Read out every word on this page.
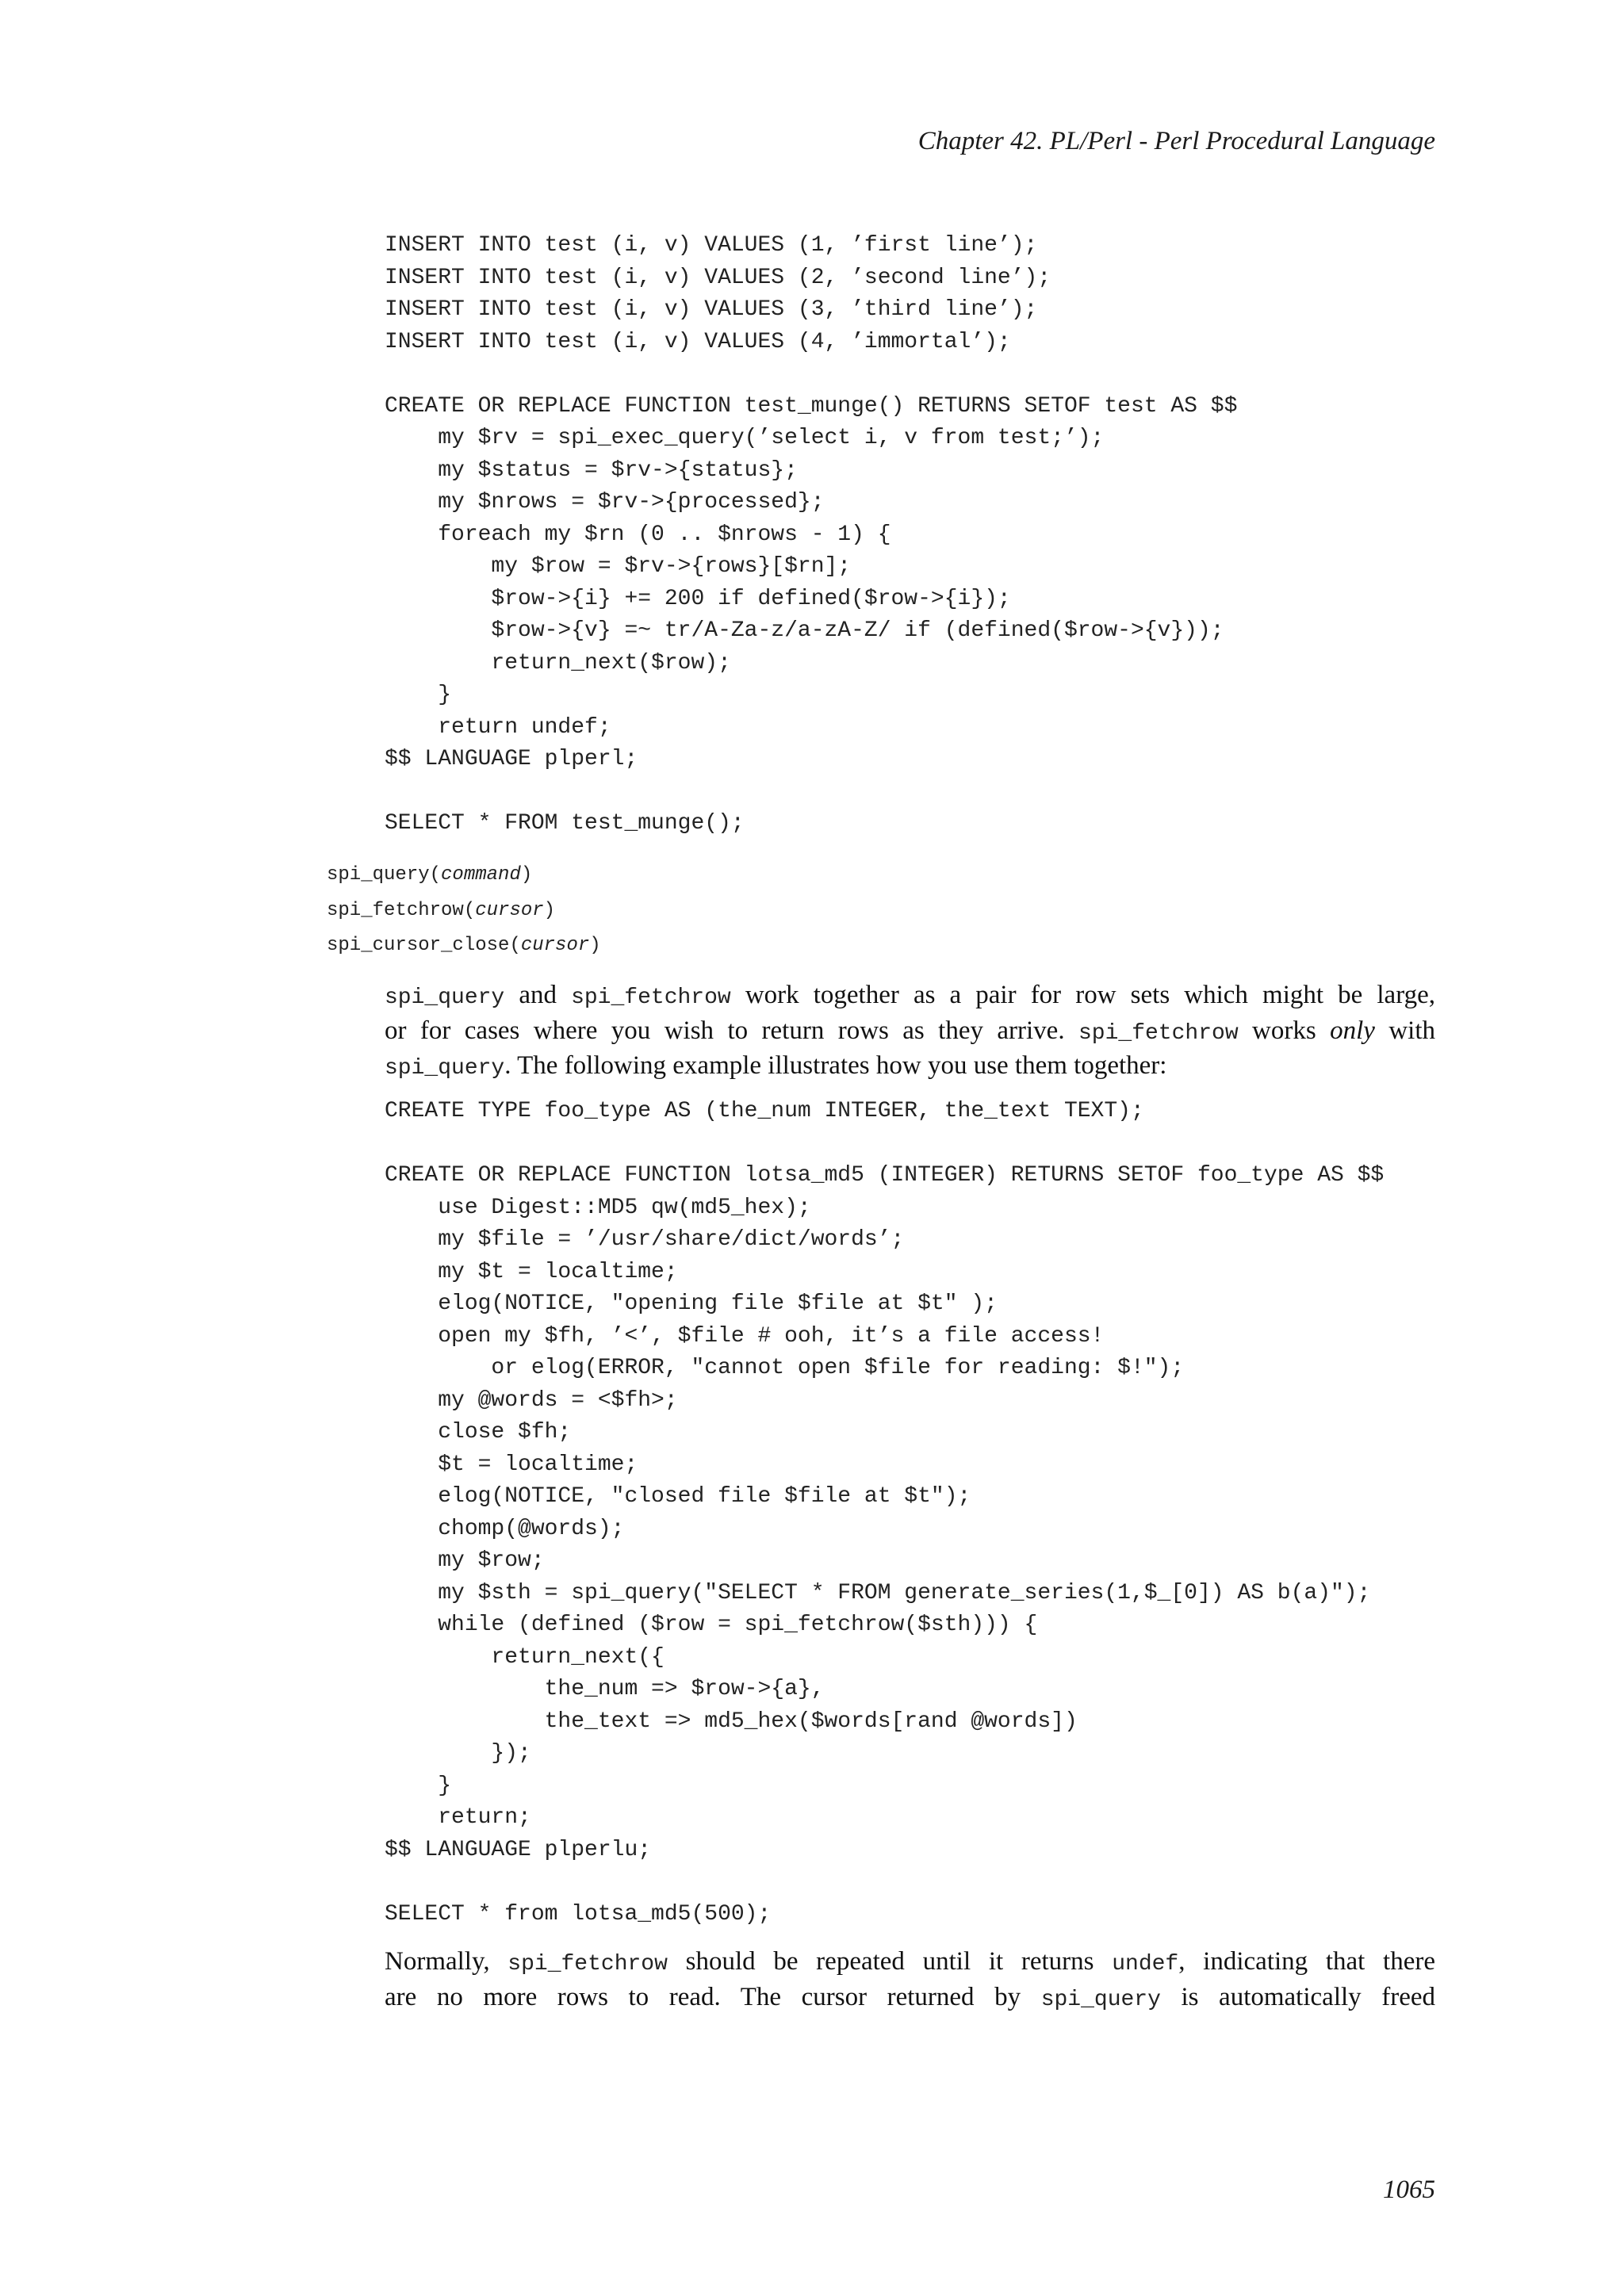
Chapter 42. PL/Perl - Perl Procedural Language
INSERT INTO test (i, v) VALUES (1, ’first line’);
INSERT INTO test (i, v) VALUES (2, ’second line’);
INSERT INTO test (i, v) VALUES (3, ’third line’);
INSERT INTO test (i, v) VALUES (4, ’immortal’);
CREATE OR REPLACE FUNCTION test_munge() RETURNS SETOF test AS $$
my $rv = spi_exec_query(’select i, v from test;’);
my $status = $rv->{status};
my $nrows = $rv->{processed};
foreach my $rn (0 .. $nrows - 1) {
my $row = $rv->{rows}[$rn];
$row->{i} += 200 if defined($row->{i});
$row->{v} =~ tr/A-Za-z/a-zA-Z/ if (defined($row->{v}));
return_next($row);
}
return undef;
$$ LANGUAGE plperl;
SELECT * FROM test_munge();
spi_query(command)
spi_fetchrow(cursor)
spi_cursor_close(cursor)
spi_query and spi_fetchrow work together as a pair for row sets which might be large,
or for cases where you wish to return rows as they arrive. spi_fetchrow works only with
spi_query. The following example illustrates how you use them together:
CREATE TYPE foo_type AS (the_num INTEGER, the_text TEXT);
CREATE OR REPLACE FUNCTION lotsa_md5 (INTEGER) RETURNS SETOF foo_type AS $$
use Digest::MD5 qw(md5_hex);
my $file = ’/usr/share/dict/words’;
my $t = localtime;
elog(NOTICE, "opening file $file at $t" );
open my $fh, ’<’, $file # ooh, it’s a file access!
or elog(ERROR, "cannot open $file for reading: $!");
my @words = <$fh>;
close $fh;
$t = localtime;
elog(NOTICE, "closed file $file at $t");
chomp(@words);
my $row;
my $sth = spi_query("SELECT * FROM generate_series(1,$_[0]) AS b(a)");
while (defined ($row = spi_fetchrow($sth))) {
return_next({
the_num => $row->{a},
the_text => md5_hex($words[rand @words])
});
}
return;
$$ LANGUAGE plperlu;
SELECT * from lotsa_md5(500);
Normally, spi_fetchrow should be repeated until it returns undef, indicating that there
are no more rows to read. The cursor returned by spi_query is automatically freed
1065
